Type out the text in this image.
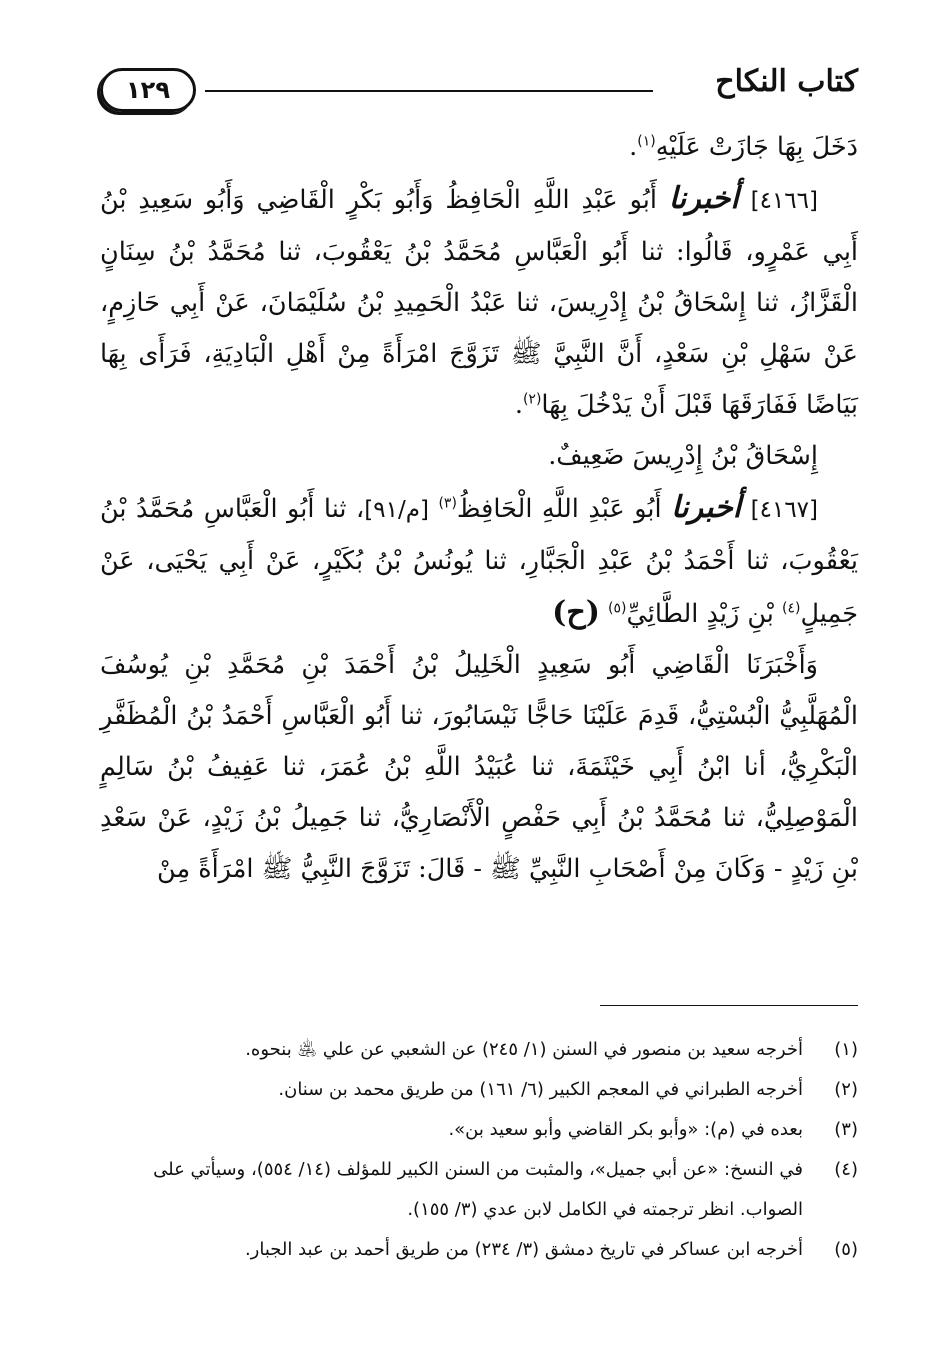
كتاب النكاح
١٢٩

دَخَلَ بِهَا جَازَتْ عَلَيْهِ$^{(١)}$.

[٤١٦٦] أخبرنا أَبُو عَبْدِ اللَّهِ الْحَافِظُ وَأَبُو بَكْرٍ الْقَاضِي وَأَبُو سَعِيدِ بْنُ أَبِي عَمْرٍو، قَالُوا: ثنا أَبُو الْعَبَّاسِ مُحَمَّدُ بْنُ يَعْقُوبَ، ثنا مُحَمَّدُ بْنُ سِنَانٍ الْقَزَّازُ، ثنا إِسْحَاقُ بْنُ إِدْرِيسَ، ثنا عَبْدُ الْحَمِيدِ بْنُ سُلَيْمَانَ، عَنْ أَبِي حَازِمٍ، عَنْ سَهْلِ بْنِ سَعْدٍ، أَنَّ النَّبِيَّ ﷺ تَزَوَّجَ امْرَأَةً مِنْ أَهْلِ الْبَادِيَةِ، فَرَأَى بِهَا بَيَاضًا فَفَارَقَهَا قَبْلَ أَنْ يَدْخُلَ بِهَا$^{(٢)}$.

إِسْحَاقُ بْنُ إِدْرِيسَ ضَعِيفٌ.

[٤١٦٧] أخبرنا أَبُو عَبْدِ اللَّهِ الْحَافِظُ$^{(٣)}$ [م/٩١]، ثنا أَبُو الْعَبَّاسِ مُحَمَّدُ بْنُ يَعْقُوبَ، ثنا أَحْمَدُ بْنُ عَبْدِ الْجَبَّارِ، ثنا يُونُسُ بْنُ بُكَيْرٍ، عَنْ أَبِي يَحْيَى، عَنْ جَمِيلٍ$^{(٤)}$ بْنِ زَيْدٍ الطَّائِيِّ$^{(٥)}$ (ح)

وَأَخْبَرَنَا الْقَاضِي أَبُو سَعِيدٍ الْخَلِيلُ بْنُ أَحْمَدَ بْنِ مُحَمَّدِ بْنِ يُوسُفَ الْمُهَلَّبِيُّ الْبُسْتِيُّ، قَدِمَ عَلَيْنَا حَاجًّا نَيْسَابُورَ، ثنا أَبُو الْعَبَّاسِ أَحْمَدُ بْنُ الْمُظَفَّرِ الْبَكْرِيُّ، أنا ابْنُ أَبِي خَيْثَمَةَ، ثنا عُبَيْدُ اللَّهِ بْنُ عُمَرَ، ثنا عَفِيفُ بْنُ سَالِمٍ الْمَوْصِلِيُّ، ثنا مُحَمَّدُ بْنُ أَبِي حَفْصٍ الْأَنْصَارِيُّ، ثنا جَمِيلُ بْنُ زَيْدٍ، عَنْ سَعْدِ بْنِ زَيْدٍ - وَكَانَ مِنْ أَصْحَابِ النَّبِيِّ ﷺ - قَالَ: تَزَوَّجَ النَّبِيُّ ﷺ امْرَأَةً مِنْ

(١)
أخرجه سعيد بن منصور في السنن (١/ ٢٤٥) عن الشعبي عن علي ﵁ بنحوه.
(٢)
أخرجه الطبراني في المعجم الكبير (٦/ ١٦١) من طريق محمد بن سنان.
(٣)
بعده في (م): «وأبو بكر القاضي وأبو سعيد بن».
(٤)
في النسخ: «عن أبي جميل»، والمثبت من السنن الكبير للمؤلف (١٤/ ٥٥٤)، وسيأتي على الصواب. انظر ترجمته في الكامل لابن عدي (٣/ ١٥٥).
(٥)
أخرجه ابن عساكر في تاريخ دمشق (٣/ ٢٣٤) من طريق أحمد بن عبد الجبار.
